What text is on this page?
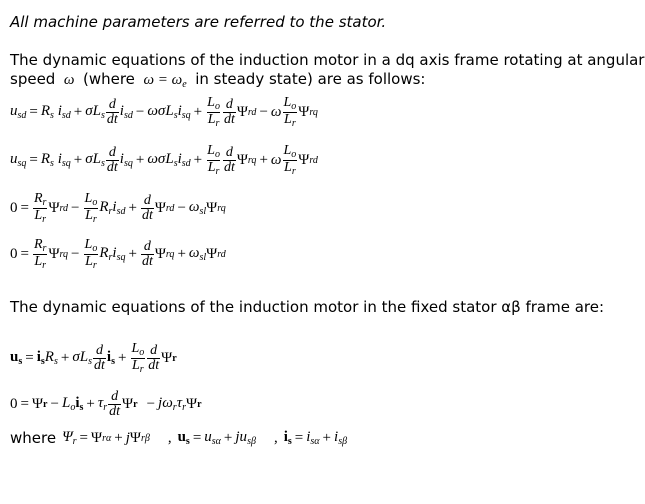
All machine parameters are referred to the stator.
The dynamic equations of the induction motor in a dq axis frame rotating at angular
speed  ω  (where  $\omega = \omega_e$ in steady state) are as follows:
$u_{sd} = R_s$ $i_{sd} + \sigma L_s \frac{d}{dt} i_{sd} - \omega\sigma L_si_{sq} + \frac{L_o}{L_r} \frac{d}{dt}$ Ψ rd − ω $\frac{L_o}{L_r}$ Ψ rq
$u_{sq} = R_s$ $i_{sq} + \sigma L_s \frac{d}{dt} i_{sq} + \omega\sigma L_si_{sd} + \frac{L_o}{L_r} \frac{d}{dt}$ Ψ rq + ω $\frac{L_o}{L_r}$ Ψ rd
$0 = \frac{R_r}{L_r}$ Ψ rd − $\frac{L_o}{L_r} R_ri_{sd} + \frac{d}{dt}$ Ψ rd − $\omega_{sl}$ Ψ rq
$0 = \frac{R_r}{L_r}$ Ψ rq − $\frac{L_o}{L_r} R_ri_{sq} + \frac{d}{dt}$ Ψ rq + $\omega_{sl}$ Ψ rd
The dynamic equations of the induction motor in the fixed stator αβ frame are:
$u_s = i_s$ $R_s + \sigma L_s \frac{d}{dt} i_s + \frac{L_o}{L_r} \frac{d}{dt}$ Ψ r
0 = Ψ $r - L_o$ $i_s + \tau_r \frac{d}{dt}$ Ψ $r - j\omega_r\tau_r$ Ψ r
where $\Psi_r = \Psi$ rα + j Ψ rβ , $u_s = u_{s\alpha} + ju_{s\beta}$ , $i_s = i_{s\alpha} + i_{s\beta}$
